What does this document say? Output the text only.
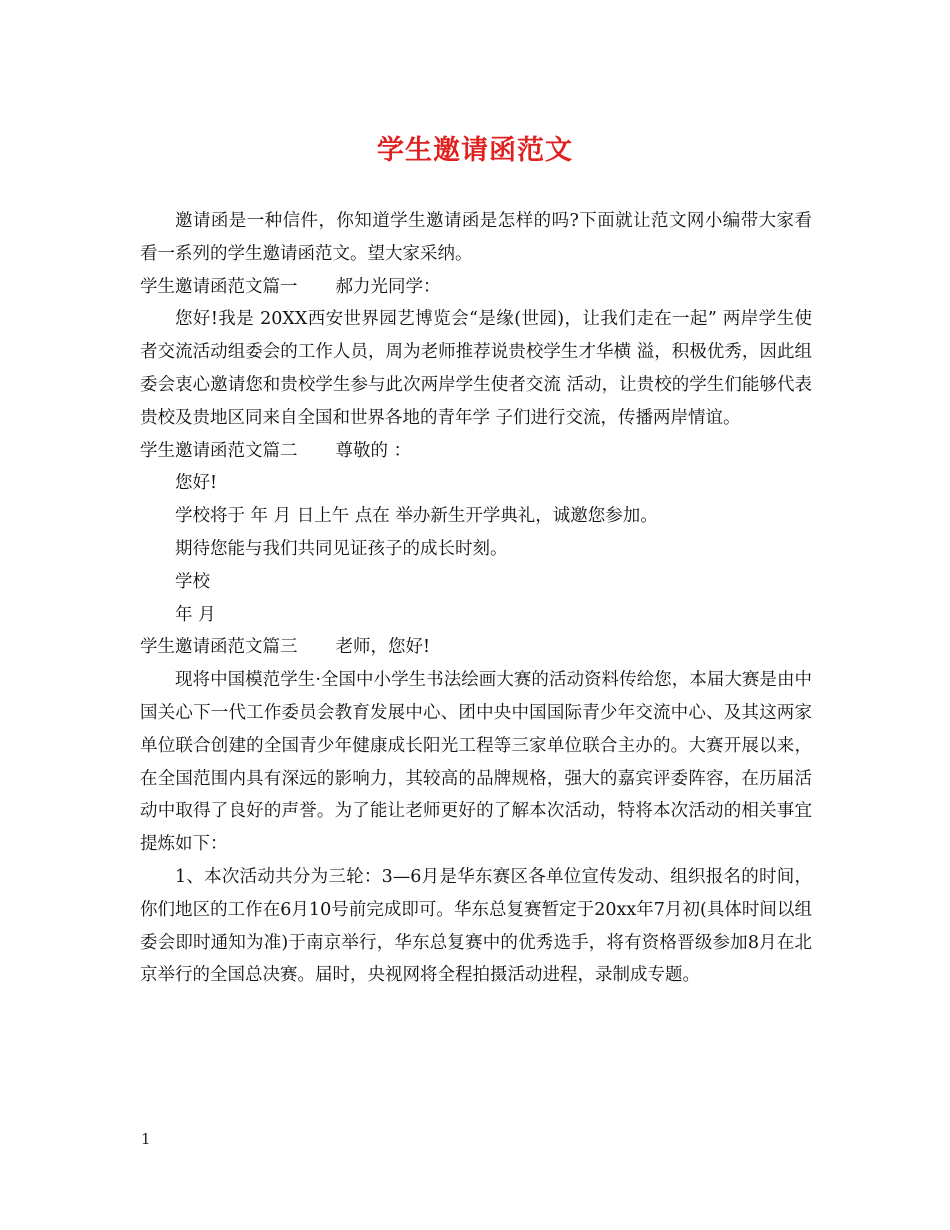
学生邀请函范文

邀请函是一种信件，你知道学生邀请函是怎样的吗?下面就让范文网小编带大家看看一系列的学生邀请函范文。望大家采纳。

学生邀请函范文篇一 郝力光同学：

您好!我是 20XX西安世界园艺博览会“是缘(世园)，让我们走在一起” 两岸学生使者交流活动组委会的工作人员，周为老师推荐说贵校学生才华横 溢，积极优秀，因此组委会衷心邀请您和贵校学生参与此次两岸学生使者交流 活动，让贵校的学生们能够代表贵校及贵地区同来自全国和世界各地的青年学 子们进行交流，传播两岸情谊。

学生邀请函范文篇二 尊敬的 ：

您好!

学校将于 年 月 日上午 点在 举办新生开学典礼，诚邀您参加。

期待您能与我们共同见证孩子的成长时刻。

学校

年 月

学生邀请函范文篇三 老师，您好!

现将中国模范学生·全国中小学生书法绘画大赛的活动资料传给您，本届大赛是由中国关心下一代工作委员会教育发展中心、团中央中国国际青少年交流中心、及其这两家单位联合创建的全国青少年健康成长阳光工程等三家单位联合主办的。大赛开展以来，在全国范围内具有深远的影响力，其较高的品牌规格，强大的嘉宾评委阵容，在历届活动中取得了良好的声誉。为了能让老师更好的了解本次活动，特将本次活动的相关事宜提炼如下：

1、本次活动共分为三轮：3—6月是华东赛区各单位宣传发动、组织报名的时间，你们地区的工作在6月10号前完成即可。华东总复赛暂定于20xx年7月初(具体时间以组委会即时通知为准)于南京举行，华东总复赛中的优秀选手，将有资格晋级参加8月在北京举行的全国总决赛。届时，央视网将全程拍摄活动进程，录制成专题。

1
